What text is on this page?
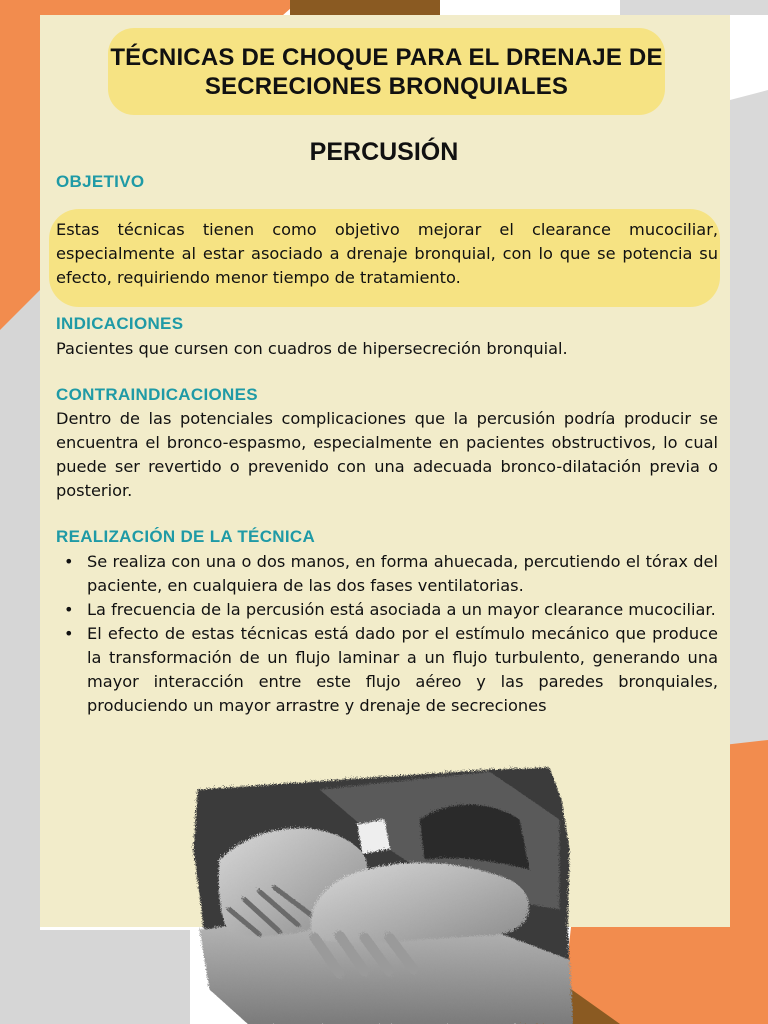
TÉCNICAS DE CHOQUE PARA EL DRENAJE DE
SECRECIONES BRONQUIALES
PERCUSIÓN
OBJETIVO
Estas técnicas tienen como objetivo mejorar el clearance mucociliar, especialmente al estar asociado a drenaje bronquial, con lo que se potencia su efecto, requiriendo menor tiempo de tratamiento.
INDICACIONES
Pacientes que cursen con cuadros de hipersecreción bronquial.
CONTRAINDICACIONES
Dentro de las potenciales complicaciones que la percusión podría producir se encuentra el bronco-espasmo, especialmente en pacientes obstructivos, lo cual puede ser revertido o prevenido con una adecuada bronco-dilatación previa o posterior.
REALIZACIÓN DE LA TÉCNICA
• Se realiza con una o dos manos, en forma ahuecada, percutiendo el tórax del paciente, en cualquiera de las dos fases ventilatorias.
• La frecuencia de la percusión está asociada a un mayor clearance mucociliar.
• El efecto de estas técnicas está dado por el estímulo mecánico que produce la transformación de un flujo laminar a un flujo turbulento, generando una mayor interacción entre este flujo aéreo y las paredes bronquiales, produciendo un mayor arrastre y drenaje de secreciones
